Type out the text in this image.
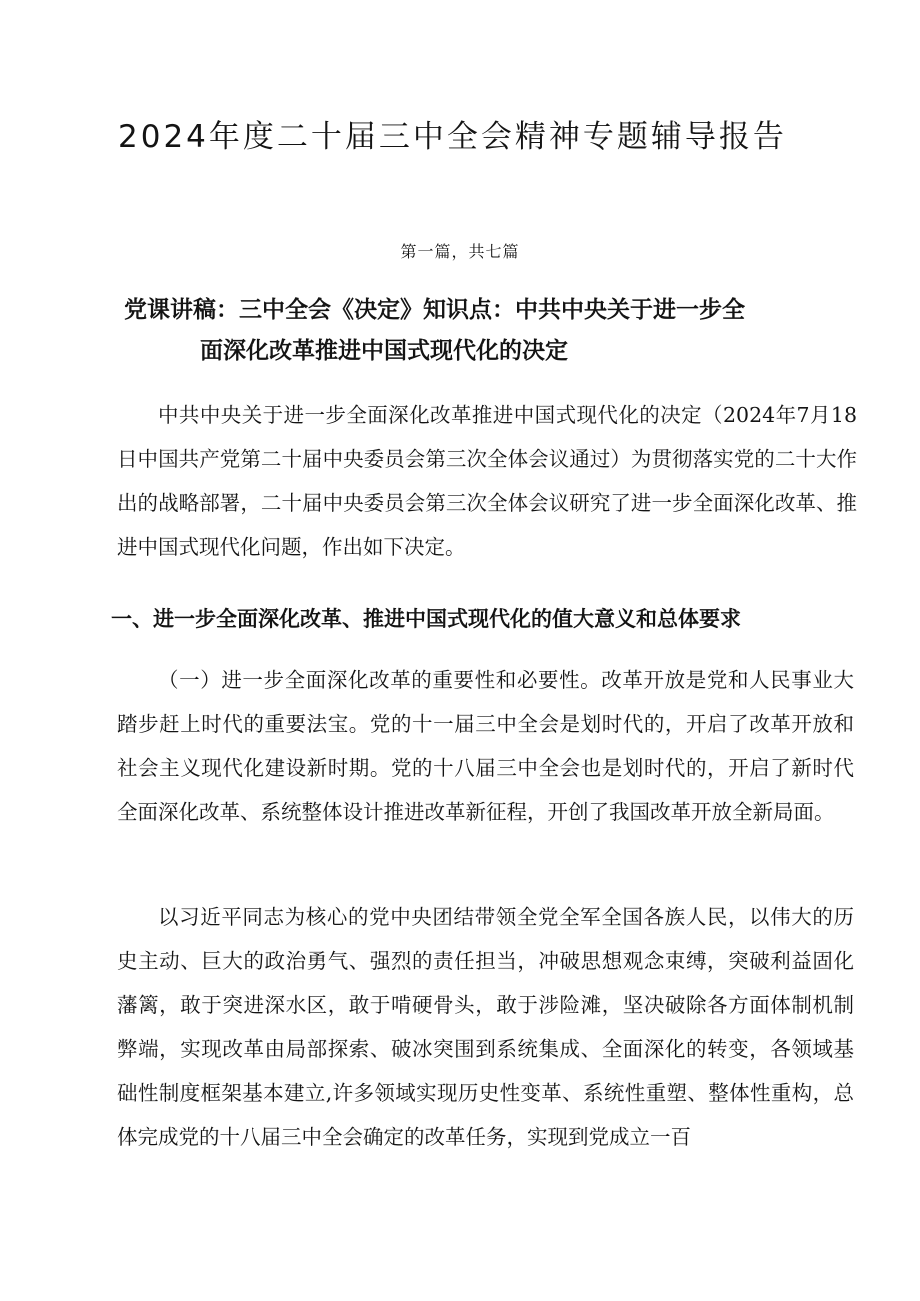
2024年度二十届三中全会精神专题辅导报告
第一篇，共七篇
党课讲稿：三中全会《决定》知识点：中共中央关于进一步全
面深化改革推进中国式现代化的决定

中共中央关于进一步全面深化改革推进中国式现代化的决定（2024年7月18日中国共产党第二十届中央委员会第三次全体会议通过）为贯彻落实党的二十大作出的战略部署，二十届中央委员会第三次全体会议研究了进一步全面深化改革、推进中国式现代化问题，作出如下决定。

一、进一步全面深化改革、推进中国式现代化的值大意义和总体要求

（一）进一步全面深化改革的重要性和必要性。改革开放是党和人民事业大踏步赶上时代的重要法宝。党的十一届三中全会是划时代的，开启了改革开放和社会主义现代化建设新时期。党的十八届三中全会也是划时代的，开启了新时代全面深化改革、系统整体设计推进改革新征程，开创了我国改革开放全新局面。

以习近平同志为核心的党中央团结带领全党全军全国各族人民，以伟大的历史主动、巨大的政治勇气、强烈的责任担当，冲破思想观念束缚，突破利益固化藩篱，敢于突进深水区，敢于啃硬骨头，敢于涉险滩，坚决破除各方面体制机制弊端，实现改革由局部探索、破冰突围到系统集成、全面深化的转变，各领域基础性制度框架基本建立,许多领域实现历史性变革、系统性重塑、整体性重构，总体完成党的十八届三中全会确定的改革任务，实现到党成立一百
